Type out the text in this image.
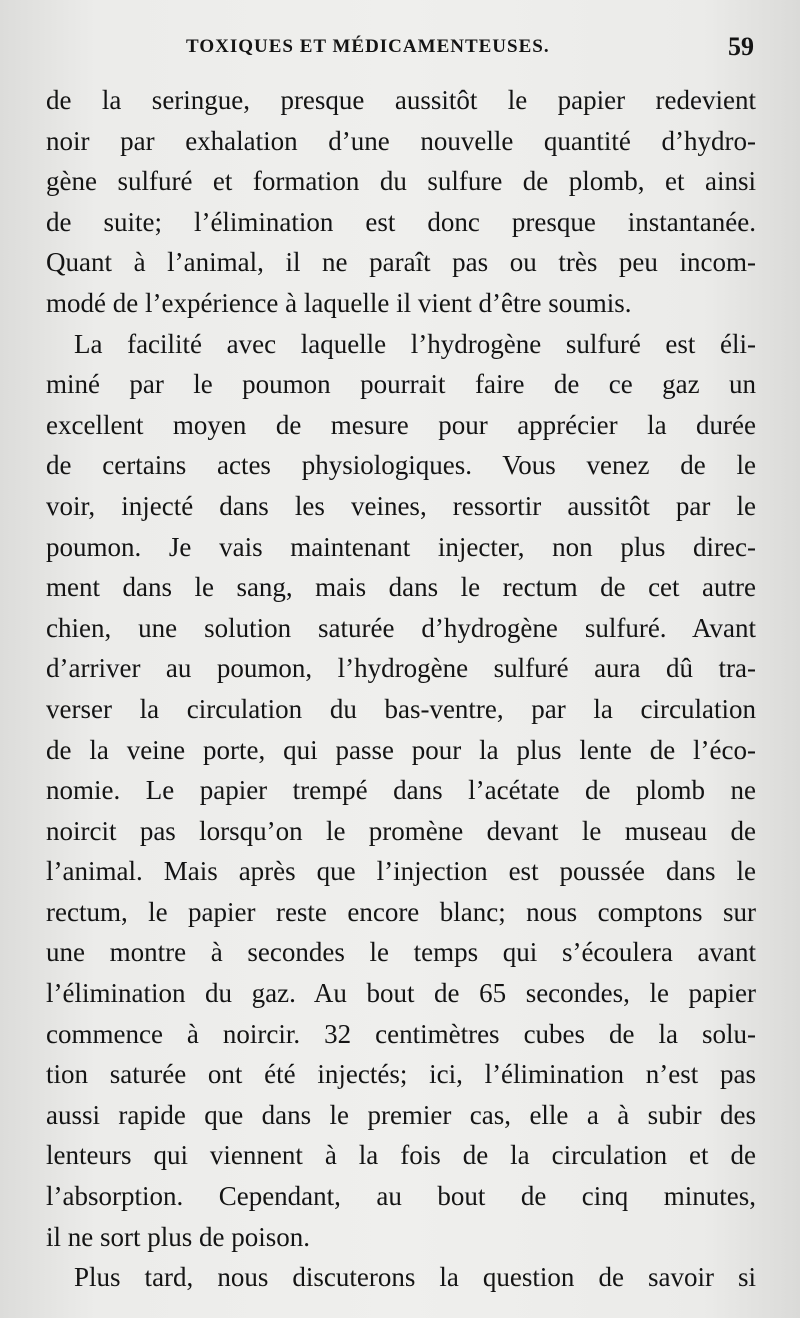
TOXIQUES ET MÉDICAMENTEUSES.	59
de la seringue, presque aussitôt le papier redevient
noir par exhalation d’une nouvelle quantité d’hydro-
gène sulfuré et formation du sulfure de plomb, et ainsi
de suite; l’élimination est donc presque instantanée.
Quant à l’animal, il ne paraît pas ou très peu incom-
modé de l’expérience à laquelle il vient d’être soumis.
La facilité avec laquelle l’hydrogène sulfuré est éli-
miné par le poumon pourrait faire de ce gaz un
excellent moyen de mesure pour apprécier la durée
de certains actes physiologiques. Vous venez de le
voir, injecté dans les veines, ressortir aussitôt par le
poumon. Je vais maintenant injecter, non plus direc-
ment dans le sang, mais dans le rectum de cet autre
chien, une solution saturée d’hydrogène sulfuré. Avant
d’arriver au poumon, l’hydrogène sulfuré aura dû tra-
verser la circulation du bas-ventre, par la circulation
de la veine porte, qui passe pour la plus lente de l’éco-
nomie. Le papier trempé dans l’acétate de plomb ne
noircit pas lorsqu’on le promène devant le museau de
l’animal. Mais après que l’injection est poussée dans le
rectum, le papier reste encore blanc; nous comptons sur
une montre à secondes le temps qui s’écoulera avant
l’élimination du gaz. Au bout de 65 secondes, le papier
commence à noircir. 32 centimètres cubes de la solu-
tion saturée ont été injectés; ici, l’élimination n’est pas
aussi rapide que dans le premier cas, elle a à subir des
lenteurs qui viennent à la fois de la circulation et de
l’absorption. Cependant, au bout de cinq minutes,
il ne sort plus de poison.
Plus tard, nous discuterons la question de savoir si
